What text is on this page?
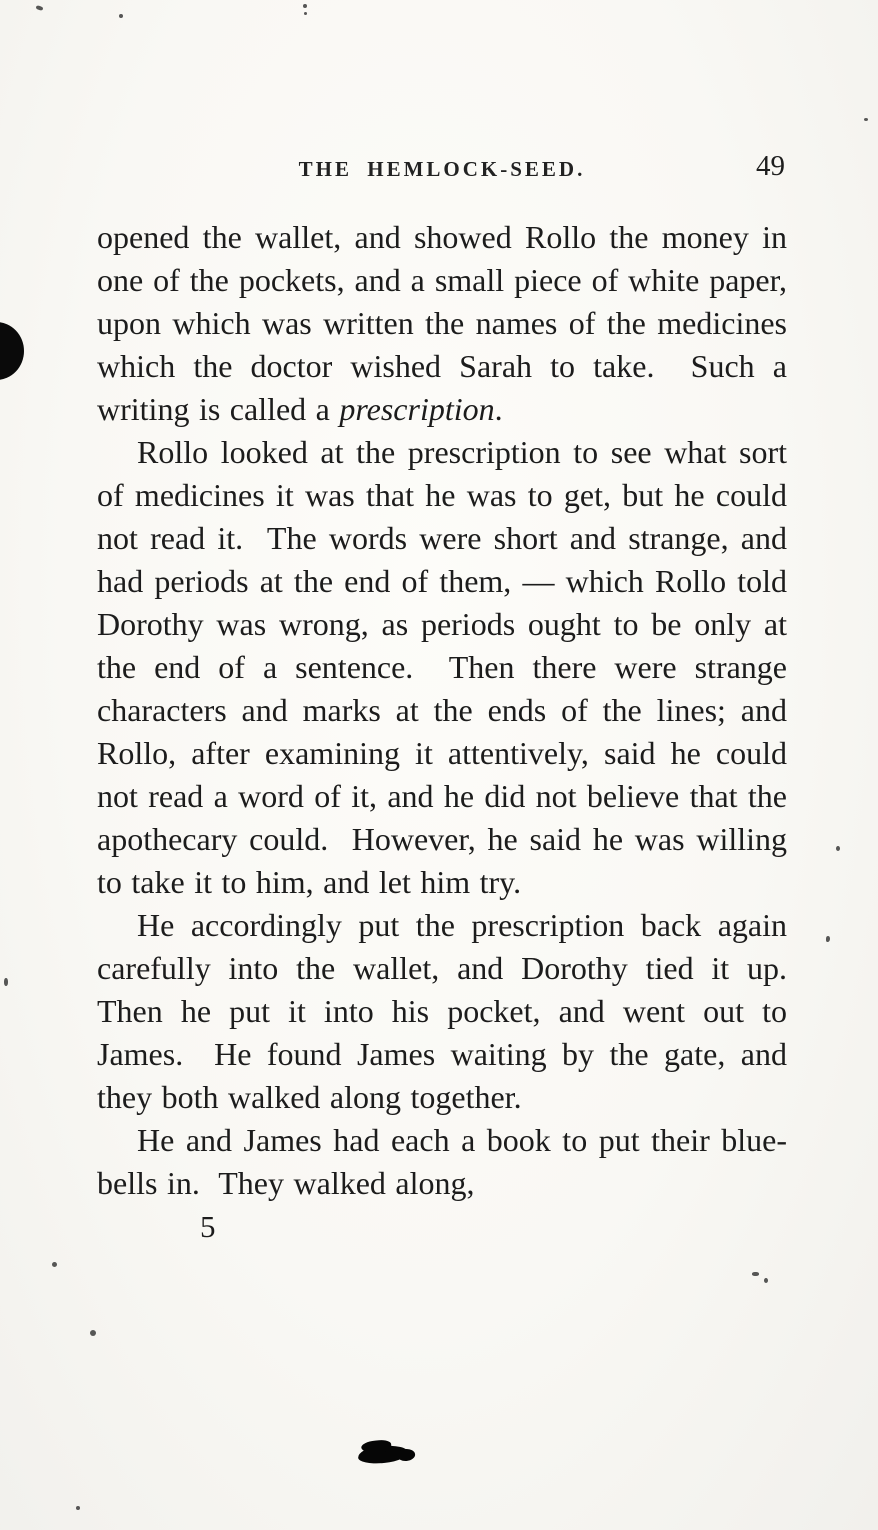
THE HEMLOCK-SEED.	49

opened the wallet, and showed Rollo the money in one of the pockets, and a small piece of white paper, upon which was written the names of the medicines which the doctor wished Sarah to take.  Such a writing is called a prescription.

Rollo looked at the prescription to see what sort of medicines it was that he was to get, but he could not read it.  The words were short and strange, and had periods at the end of them, — which Rollo told Dorothy was wrong, as periods ought to be only at the end of a sentence.  Then there were strange characters and marks at the ends of the lines; and Rollo, after examining it attentively, said he could not read a word of it, and he did not believe that the apothecary could.  However, he said he was willing to take it to him, and let him try.

He accordingly put the prescription back again carefully into the wallet, and Dorothy tied it up.  Then he put it into his pocket, and went out to James.  He found James waiting by the gate, and they both walked along together.

He and James had each a book to put their blue-bells in.  They walked along,

5
